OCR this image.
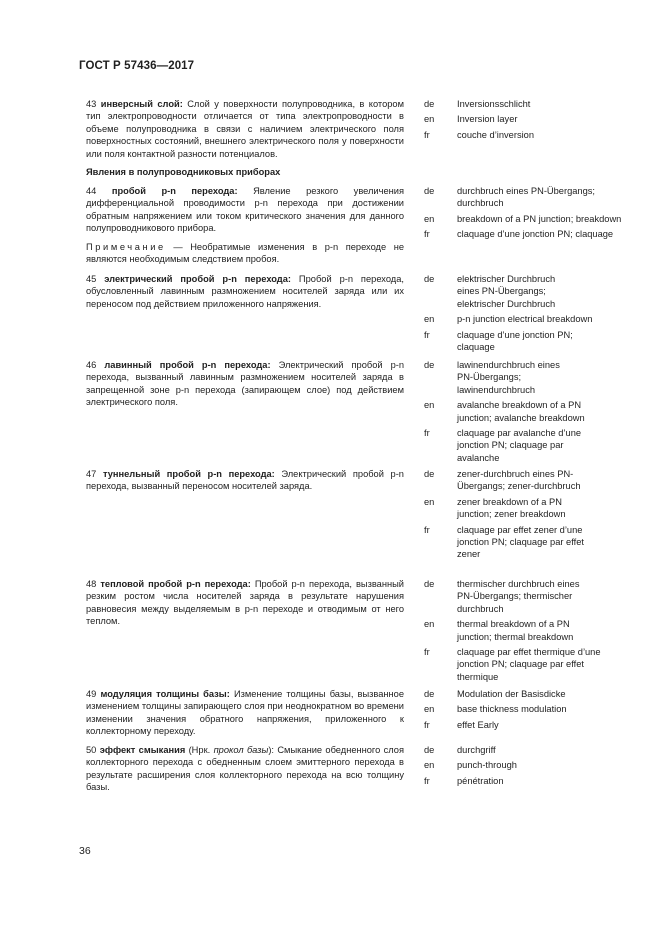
ГОСТ Р 57436—2017
43 инверсный слой: Слой у поверхности полупроводника, в котором тип электропроводности отличается от типа электропроводности в объеме полупроводника в связи с наличием электрического поля поверхностных состояний, внешнего электрического поля у поверхности или поля контактной разности потенциалов.
de	Inversionsschlicht
en	Inversion layer
fr	couche d’inversion
Явления в полупроводниковых приборах
44 пробой p-n перехода: Явление резкого увеличения дифференциальной проводимости p-n перехода при достижении обратным напряжением или током критического значения для данного полупроводникового прибора.
Примечание — Необратимые изменения в p-n переходе не являются необходимым следствием пробоя.
de	durchbruch eines PN-Übergangs; durchbruch
en	breakdown of a PN junction; breakdown
fr	claquage d’une jonction PN; claquage
45 электрический пробой p-n перехода: Пробой p-n перехода, обусловленный лавинным размножением носителей заряда или их переносом под действием приложенного напряжения.
de	elektrischer Durchbruch eines PN-Übergangs; elektrischer Durchbruch
en	p-n junction electrical breakdown
fr	claquage d’une jonction PN; claquage
46 лавинный пробой p-n перехода: Электрический пробой p-n перехода, вызванный лавинным размножением носителей заряда в запрещенной зоне p-n перехода (запирающем слое) под действием электрического поля.
de	lawinendurchbruch eines PN-Übergangs; lawinendurchbruch
en	avalanche breakdown of a PN junction; avalanche breakdown
fr	claquage par avalanche d’une jonction PN; claquage par avalanche
47 туннельный пробой p-n перехода: Электрический пробой p-n перехода, вызванный переносом носителей заряда.
de	zener-durchbruch eines PN-Übergangs; zener-durchbruch
en	zener breakdown of a PN junction; zener breakdown
fr	claquage par effet zener d’une jonction PN; claquage par effet zener
48 тепловой пробой p-n перехода: Пробой p-n перехода, вызванный резким ростом числа носителей заряда в результате нарушения равновесия между выделяемым в p-n переходе и отводимым от него теплом.
de	thermischer durchbruch eines PN-Übergangs; thermischer durchbruch
en	thermal breakdown of a PN junction; thermal breakdown
fr	claquage par effet thermique d’une jonction PN; claquage par effet thermique
49 модуляция толщины базы: Изменение толщины базы, вызванное изменением толщины запирающего слоя при неоднократном во времени изменении значения обратного напряжения, приложенного к коллекторному переходу.
de	Modulation der Basisdicke
en	base thickness modulation
fr	effet Early
50 эффект смыкания (Нрк. прокол базы): Смыкание обедненного слоя коллекторного перехода с обедненным слоем эмиттерного перехода в результате расширения слоя коллекторного перехода на всю толщину базы.
de	durchgriff
en	punch-through
fr	pénétration
36
